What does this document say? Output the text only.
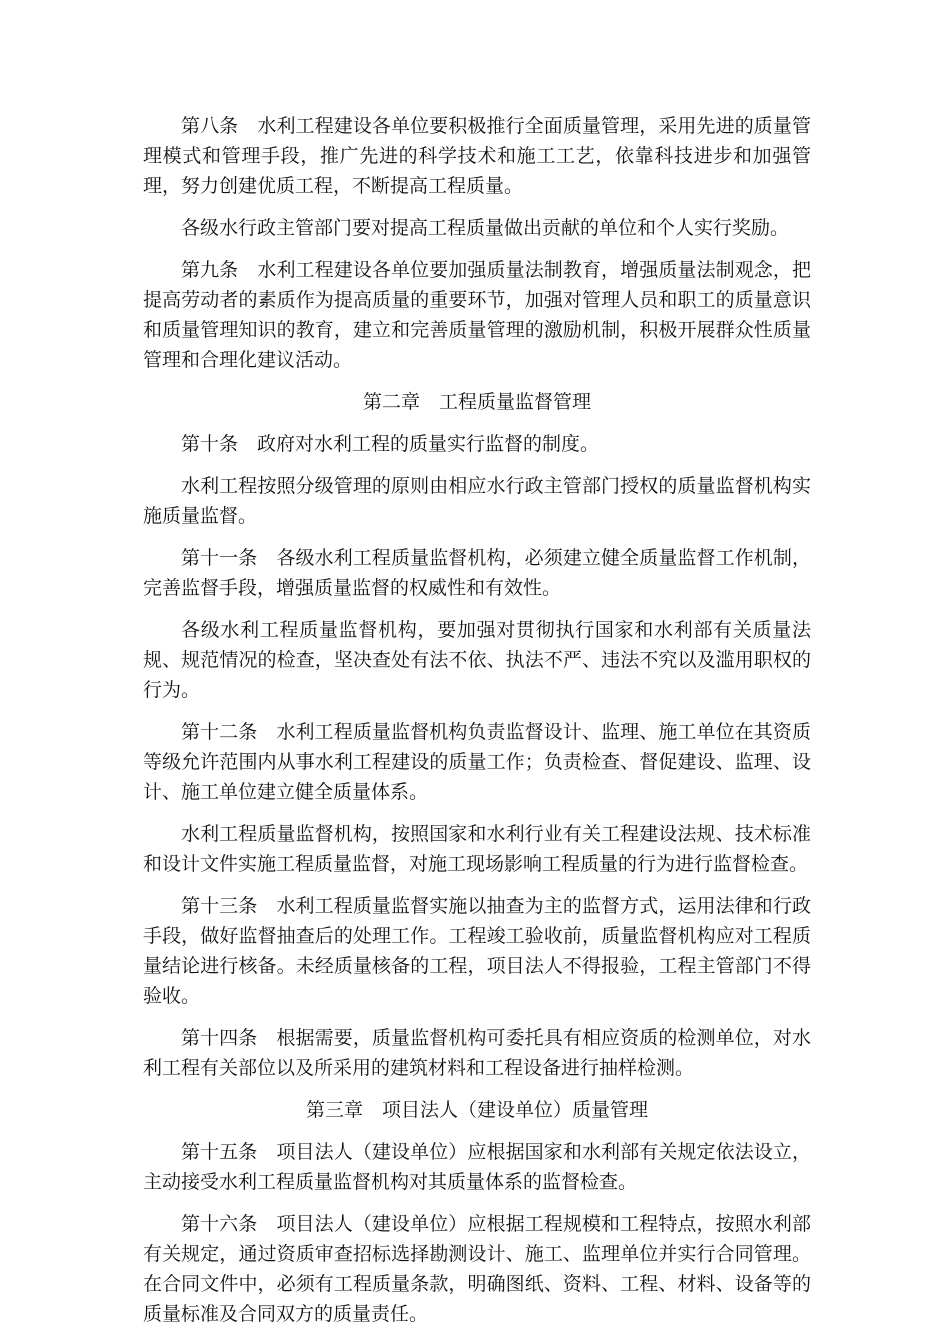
第八条　水利工程建设各单位要积极推行全面质量管理，采用先进的质量管理模式和管理手段，推广先进的科学技术和施工工艺，依靠科技进步和加强管理，努力创建优质工程，不断提高工程质量。

各级水行政主管部门要对提高工程质量做出贡献的单位和个人实行奖励。

第九条　水利工程建设各单位要加强质量法制教育，增强质量法制观念，把提高劳动者的素质作为提高质量的重要环节，加强对管理人员和职工的质量意识和质量管理知识的教育，建立和完善质量管理的激励机制，积极开展群众性质量管理和合理化建议活动。

第二章　工程质量监督管理

第十条　政府对水利工程的质量实行监督的制度。

水利工程按照分级管理的原则由相应水行政主管部门授权的质量监督机构实施质量监督。

第十一条　各级水利工程质量监督机构，必须建立健全质量监督工作机制，完善监督手段，增强质量监督的权威性和有效性。

各级水利工程质量监督机构，要加强对贯彻执行国家和水利部有关质量法规、规范情况的检查，坚决查处有法不依、执法不严、违法不究以及滥用职权的行为。

第十二条　水利工程质量监督机构负责监督设计、监理、施工单位在其资质等级允许范围内从事水利工程建设的质量工作；负责检查、督促建设、监理、设计、施工单位建立健全质量体系。

水利工程质量监督机构，按照国家和水利行业有关工程建设法规、技术标准和设计文件实施工程质量监督，对施工现场影响工程质量的行为进行监督检查。

第十三条　水利工程质量监督实施以抽查为主的监督方式，运用法律和行政手段，做好监督抽查后的处理工作。工程竣工验收前，质量监督机构应对工程质量结论进行核备。未经质量核备的工程，项目法人不得报验，工程主管部门不得验收。

第十四条　根据需要，质量监督机构可委托具有相应资质的检测单位，对水利工程有关部位以及所采用的建筑材料和工程设备进行抽样检测。

第三章　项目法人（建设单位）质量管理

第十五条　项目法人（建设单位）应根据国家和水利部有关规定依法设立，主动接受水利工程质量监督机构对其质量体系的监督检查。

第十六条　项目法人（建设单位）应根据工程规模和工程特点，按照水利部有关规定，通过资质审查招标选择勘测设计、施工、监理单位并实行合同管理。在合同文件中，必须有工程质量条款，明确图纸、资料、工程、材料、设备等的质量标准及合同双方的质量责任。
